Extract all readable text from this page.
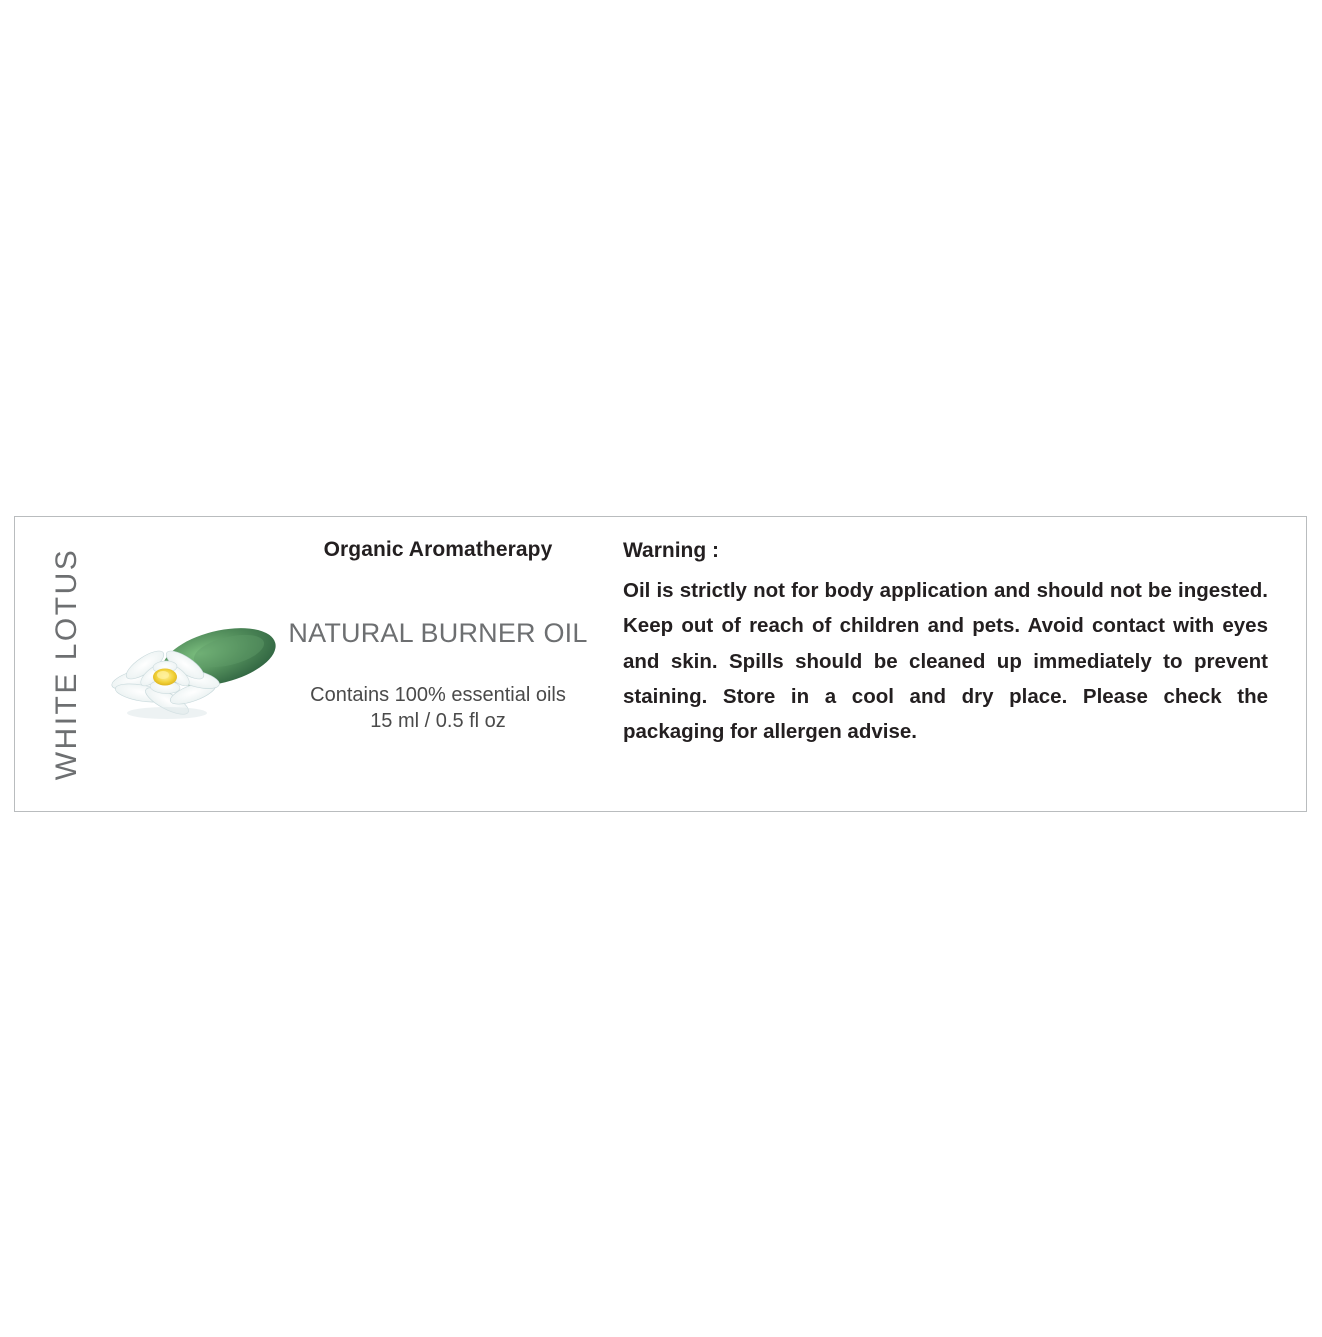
WHITE LOTUS	Organic Aromatherapy
NATURAL BURNER OIL
Contains 100% essential oils
15 ml / 0.5 fl oz
Warning :
Oil is strictly not for body application and should not be ingested. Keep out of reach of children and pets. Avoid contact with eyes and skin. Spills should be cleaned up immediately to prevent staining. Store in a cool and dry place. Please check the packaging for allergen advise.
